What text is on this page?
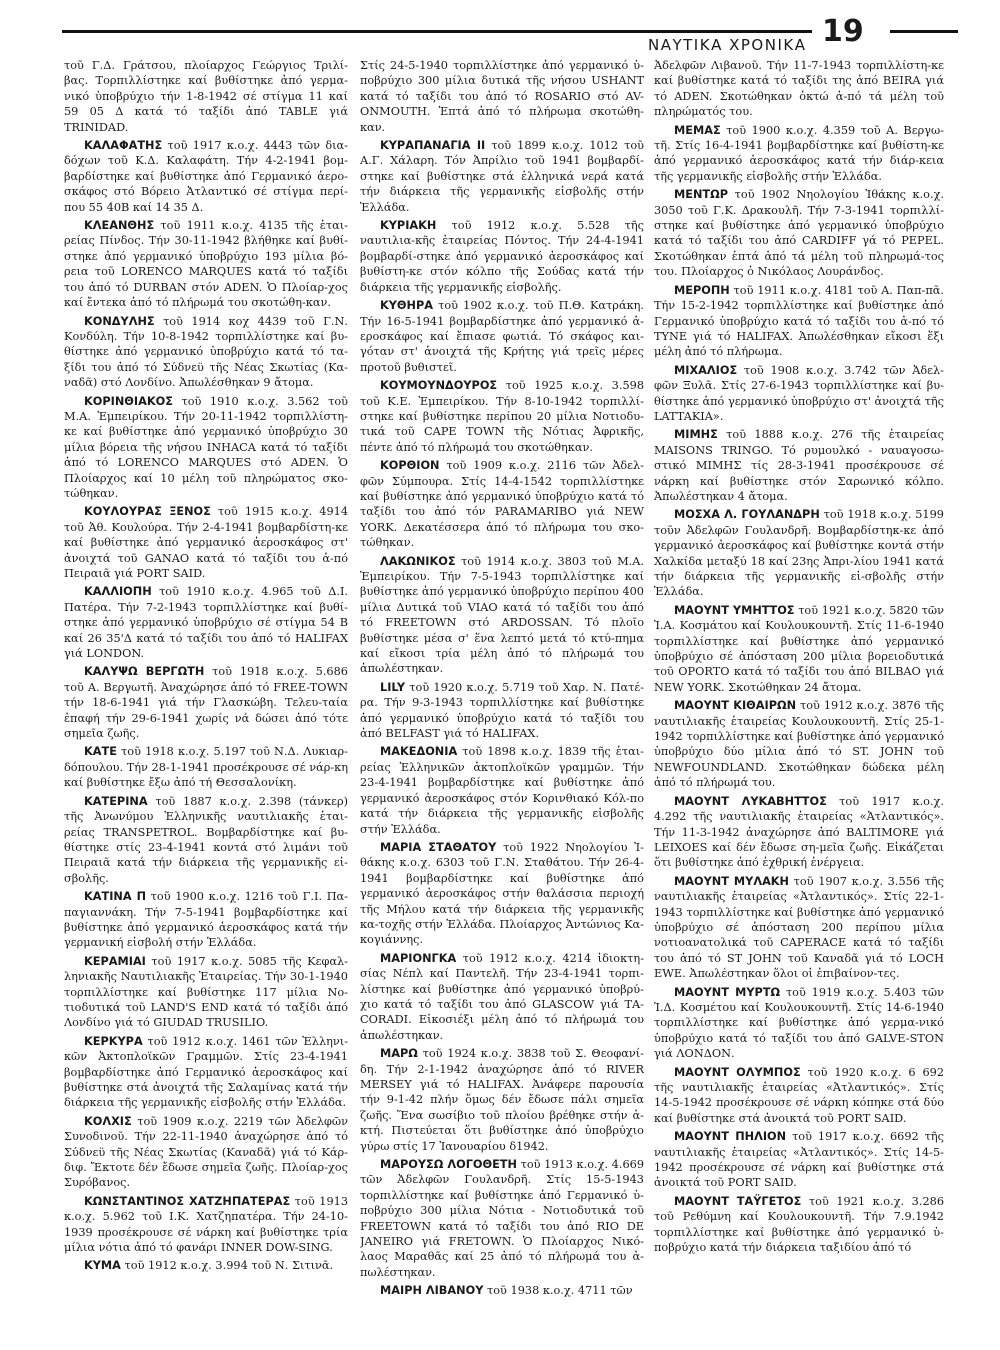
ΝΑΥΤΙΚΑ ΧΡΟΝΙΚΑ 19

τοῦ Γ.Δ. Γράτσου, πλοίαρχος Γεώργιος Τριλί-βας. Τορπιλλίστηκε καί βυθίστηκε ἀπό γερμα-νικό ὑποβρύχιο τήν 1-8-1942 σέ στίγμα 11 καί 59 05 Δ κατά τό ταξίδι ἀπό TABLE γιά TRINIDAD.

ΚΑΛΑΦΑΤΗΣ τοῦ 1917 κ.ο.χ. 4443 τῶν δια-δόχων τοῦ Κ.Δ. Καλαφάτη. Τήν 4-2-1941 βομ-βαρδίστηκε καί βυθίστηκε ἀπό Γερμανικό ἀερο-σκάφος στό Βόρειο Ἀτλαντικό σέ στίγμα περί-που 55 40Β καί 14 35 Δ.

ΚΛΕΑΝΘΗΣ τοῦ 1911 κ.ο.χ. 4135 τῆς ἑται-ρείας Πίνδος. Τήν 30-11-1942 βλήθηκε καί βυθί-στηκε ἀπό γερμανικό ὑποβρύχιο 193 μίλια βό-ρεια τοῦ LORENCO MARQUES κατά τό ταξίδι του ἀπό τό DURBAN στόν ADEN. Ὁ Πλοίαρ-χος καί ἔντεκα ἀπό τό πλήρωμά του σκοτώθη-καν.

ΚΟΝΔΥΛΗΣ τοῦ 1914 κοχ 4439 τοῦ Γ.Ν. Κονδύλη. Τήν 10-8-1942 τορπιλλίστηκε καί βυ-θίστηκε ἀπό γερμανικό ὑποβρύχιο κατά τό τα-ξίδι του ἀπό τό Σύδνεϋ τῆς Νέας Σκωτίας (Κα-ναδᾶ) στό Λονδίνο. Ἀπωλέσθηκαν 9 ἄτομα.

ΚΟΡΙΝΘΙΑΚΟΣ τοῦ 1910 κ.ο.χ. 3.562 τοῦ Μ.Α. Ἐμπειρίκου. Τήν 20-11-1942 τορπιλλίστη-κε καί βυθίστηκε ἀπό γερμανικό ὑποβρύχιο 30 μίλια βόρεια τῆς νήσου INHACA κατά τό ταξίδι ἀπό τό LORENCO MARQUES στό ADEN. Ὁ Πλοίαρχος καί 10 μέλη τοῦ πληρώματος σκο-τώθηκαν.

ΚΟΥΛΟΥΡΑΣ ΞΕΝΟΣ τοῦ 1915 κ.ο.χ. 4914 τοῦ Ἀθ. Κουλούρα. Τήν 2-4-1941 βομβαρδίστη-κε καί βυθίστηκε ἀπό γερμανικό ἀεροσκάφος στ' ἀνοιχτά τοῦ GANAO κατά τό ταξίδι του ἀ-πό Πειραιᾶ γιά PORT SAID.

ΚΑΛΛΙΟΠΗ τοῦ 1910 κ.ο.χ. 4.965 τοῦ Δ.Ι. Πατέρα. Τήν 7-2-1943 τορπιλλίστηκε καί βυθί-στηκε ἀπό γερμανικό ὑποβρύχιο σέ στίγμα 54 Β καί 26 35'Δ κατά τό ταξίδι του ἀπό τό HALIFAX γιά LONDON.

ΚΑΛΥΨΩ ΒΕΡΓΩΤΗ τοῦ 1918 κ.ο.χ. 5.686 τοῦ Α. Βεργωτῆ. Ἀναχώρησε ἀπό τό FREE-TOWN τήν 18-6-1941 γιά τήν Γλασκώβη. Τελευ-ταία ἐπαφή τήν 29-6-1941 χωρίς νά δώσει ἀπό τότε σημεῖα ζωῆς.

ΚΑΤΕ τοῦ 1918 κ.ο.χ. 5.197 τοῦ Ν.Δ. Λυκιαρ-δόπουλου. Τήν 28-1-1941 προσέκρουσε σέ νάρ-κη καί βυθίστηκε ἔξω ἀπό τή Θεσσαλονίκη.

ΚΑΤΕΡΙΝΑ τοῦ 1887 κ.ο.χ. 2.398 (τάνκερ) τῆς Ἀνωνύμου Ἑλληνικῆς ναυτιλιακῆς ἑται-ρείας TRANSPETROL. Βομβαρδίστηκε καί βυ-θίστηκε στίς 23-4-1941 κοντά στό λιμάνι τοῦ Πειραιᾶ κατά τήν διάρκεια τῆς γερμανικῆς εἰ-σβολῆς.

ΚΑΤΙΝΑ Π τοῦ 1900 κ.ο.χ. 1216 τοῦ Γ.Ι. Πα-παγιαννάκη. Τήν 7-5-1941 βομβαρδίστηκε καί βυθίστηκε ἀπό γερμανικό ἀεροσκάφος κατά τήν γερμανική εἰσβολή στήν Ἑλλάδα.

ΚΕΡΑΜΙΑΙ τοῦ 1917 κ.ο.χ. 5085 τῆς Κεφαλ-ληνιακῆς Ναυτιλιακῆς Ἑταιρείας. Τήν 30-1-1940 τορπιλλίστηκε καί βυθίστηκε 117 μίλια Νο-τιοδυτικά τοῦ LAND'S END κατά τό ταξίδι ἀπό Λονδίνο γιά τό GIUDAD TRUSILIO.

ΚΕΡΚΥΡΑ τοῦ 1912 κ.ο.χ. 1461 τῶν Ἑλληνι-κῶν Ἀκτοπλοϊκῶν Γραμμῶν. Στίς 23-4-1941 βομβαρδίστηκε ἀπό Γερμανικό ἀεροσκάφος καί βυθίστηκε στά ἀνοιχτά τῆς Σαλαμίνας κατά τήν διάρκεια τῆς γερμανικῆς εἰσβολῆς στήν Ἑλλάδα.

ΚΟΛΧΙΣ τοῦ 1909 κ.ο.χ. 2219 τῶν Ἀδελφῶν Συνοδινοῦ. Τήν 22-11-1940 ἀναχώρησε ἀπό τό Σύδνεϋ τῆς Νέας Σκωτίας (Καναδᾶ) γιά τό Κάρ-διφ. Ἔκτοτε δέν ἔδωσε σημεῖα ζωῆς. Πλοίαρ-χος Συρόβανος.

ΚΩΝΣΤΑΝΤΙΝΟΣ ΧΑΤΖΗΠΑΤΕΡΑΣ τοῦ 1913 κ.ο.χ. 5.962 τοῦ Ι.Κ. Χατζηπατέρα. Τήν 24-10-1939 προσέκρουσε σέ νάρκη καί βυθίστηκε τρία μίλια νότια ἀπό τό φανάρι INNER DOW-SING.

ΚΥΜΑ τοῦ 1912 κ.ο.χ. 3.994 τοῦ Ν. Σιτινᾶ.

Στίς 24-5-1940 τορπιλλίστηκε ἀπό γερμανικό ὑ-ποβρύχιο 300 μίλια δυτικά τῆς νήσου USHANT κατά τό ταξίδι του ἀπό τό ROSARIO στό AV-ONMOUTH. Ἑπτά ἀπό τό πλήρωμα σκοτώθη-καν.

ΚΥΡΑΠΑΝΑΓΙΑ ΙΙ τοῦ 1899 κ.ο.χ. 1012 τοῦ Α.Γ. Χάλαρη. Τόν Ἀπρίλιο τοῦ 1941 βομβαρδί-στηκε καί βυθίστηκε στά ἑλληνικά νερά κατά τήν διάρκεια τῆς γερμανικῆς εἰσβολῆς στήν Ἑλλάδα.

ΚΥΡΙΑΚΗ τοῦ 1912 κ.ο.χ. 5.528 τῆς ναυτιλια-κῆς ἑταιρείας Πόντος. Τήν 24-4-1941 βομβαρδί-στηκε ἀπό γερμανικό ἀεροσκάφος καί βυθίστη-κε στόν κόλπο τῆς Σούδας κατά τήν διάρκεια τῆς γερμανικῆς εἰσβολῆς.

ΚΥΘΗΡΑ τοῦ 1902 κ.ο.χ. τοῦ Π.Θ. Κατράκη. Τήν 16-5-1941 βομβαρδίστηκε ἀπό γερμανικό ἀ-εροσκάφος καί ἔπιασε φωτιά. Τό σκάφος και-γόταν στ' ἀνοιχτά τῆς Κρήτης γιά τρεῖς μέρες προτοῦ βυθιστεῖ.

ΚΟΥΜΟΥΝΔΟΥΡΟΣ τοῦ 1925 κ.ο.χ. 3.598 τοῦ Κ.Ε. Ἐμπειρίκου. Τήν 8-10-1942 τορπιλλί-στηκε καί βυθίστηκε περίπου 20 μίλια Νοτιοδυ-τικά τοῦ CAPE TOWN τῆς Νότιας Ἀφρικῆς, πέντε ἀπό τό πλήρωμά του σκοτώθηκαν.

ΚΟΡΘΙΟΝ τοῦ 1909 κ.ο.χ. 2116 τῶν Ἀδελ-φῶν Σύμπουρα. Στίς 14-4-1542 τορπιλλίστηκε καί βυθίστηκε ἀπό γερμανικό ὑποβρύχιο κατά τό ταξίδι του ἀπό τόν PARAMARIBO γιά NEW YORK. Δεκατέσσερα ἀπό τό πλήρωμα του σκο-τώθηκαν.

ΛΑΚΩΝΙΚΟΣ τοῦ 1914 κ.ο.χ. 3803 τοῦ Μ.Α. Ἐμπειρίκου. Τήν 7-5-1943 τορπιλλίστηκε καί βυθίστηκε ἀπό γερμανικό ὑποβρύχιο περίπου 400 μίλια Δυτικά τοῦ VIAO κατά τό ταξίδι του ἀπό τό FREETOWN στό ARDOSSAN. Τό πλοῖο βυθίστηκε μέσα σ' ἕνα λεπτό μετά τό κτύ-πημα καί εἴκοσι τρία μέλη ἀπό τό πλήρωμά του ἀπωλέστηκαν.

LILY τοῦ 1920 κ.ο.χ. 5.719 τοῦ Χαρ. Ν. Πατέ-ρα. Τήν 9-3-1943 τορπιλλίστηκε καί βυθίστηκε ἀπό γερμανικό ὑποβρύχιο κατά τό ταξίδι του ἀπό BELFAST γιά τό HALIFAX.

ΜΑΚΕΔΟΝΙΑ τοῦ 1898 κ.ο.χ. 1839 τῆς ἑται-ρείας Ἑλληνικῶν ἀκτοπλοϊκῶν γραμμῶν. Τήν 23-4-1941 βομβαρδίστηκε καί βυθίστηκε ἀπό γερμανικό ἀεροσκάφος στόν Κορινθιακό Κόλ-πο κατά τήν διάρκεια τῆς γερμανικῆς εἰσβολῆς στήν Ἑλλάδα.

ΜΑΡΙΑ ΣΤΑΘΑΤΟΥ τοῦ 1922 Νηολογίου Ἰ-θάκης κ.ο.χ. 6303 τοῦ Γ.Ν. Σταθάτου. Τήν 26-4-1941 βομβαρδίστηκε καί βυθίστηκε ἀπό γερμανικό ἀεροσκάφος στήν θαλάσσια περιοχή τῆς Μήλου κατά τήν διάρκεια τῆς γερμανικῆς κα-τοχῆς στήν Ἑλλάδα. Πλοίαρχος Ἀντώνιος Κα-κογιάννης.

ΜΑΡΙΟΝΓΚΑ τοῦ 1912 κ.ο.χ. 4214 ἰδιοκτη-σίας Νέπλ καί Παντελῆ. Τήν 23-4-1941 τορπι-λίστηκε καί βυθίστηκε ἀπό γερμανικό ὑποβρύ-χιο κατά τό ταξίδι του ἀπό GLASCOW γιά ΤΑ-CORADI. Εἰκοσιέξι μέλη ἀπό τό πλήρωμά του ἀπωλέστηκαν.

ΜΑΡΩ τοῦ 1924 κ.ο.χ. 3838 τοῦ Σ. Θεοφανί-δη. Τήν 2-1-1942 ἀναχώρησε ἀπό τό RIVER MERSEY γιά τό HALIFAX. Ἀνάφερε παρουσία τήν 9-1-42 πλήν ὅμως δέν ἔδωσε πάλι σημεῖα ζωῆς. Ἕνα σωσίβιο τοῦ πλοίου βρέθηκε στήν ἀ-κτή. Πιστεύεται ὅτι βυθίστηκε ἀπό ὑποβρύχιο γύρω στίς 17 Ἰανουαρίου δ1942.

ΜΑΡΟΥΣΩ ΛΟΓΟΘΕΤΗ τοῦ 1913 κ.ο.χ. 4.669 τῶν Ἀδελφῶν Γουλανδρῆ. Στίς 15-5-1943 τορπιλλίστηκε καί βυθίστηκε ἀπό Γερμανικό ὑ-ποβρύχιο 300 μίλια Νότια - Νοτιοδυτικά τοῦ FREETOWN κατά τό ταξίδι του ἀπό RIO DE JANEIRO γιά FRETOWN. Ὁ Πλοίαρχος Νικό-λαος Μαραθᾶς καί 25 ἀπό τό πλήρωμά του ἀ-πωλέστηκαν.

ΜΑΙΡΗ ΛΙΒΑΝΟΥ τοῦ 1938 κ.ο.χ. 4711 τῶν

Ἀδελφῶν Λιβανοῦ. Τήν 11-7-1943 τορπιλλίστη-κε καί βυθίστηκε κατά τό ταξίδι της ἀπό BEIRA γιά τό ADEN. Σκοτώθηκαν ὀκτώ ἀ-πό τά μέλη τοῦ πληρώματός του.

ΜΕΜΑΣ τοῦ 1900 κ.ο.χ. 4.359 τοῦ Α. Βεργω-τῆ. Στίς 16-4-1941 βομβαρδίστηκε καί βυθίστη-κε ἀπό γερμανικό ἀεροσκάφος κατά τήν διάρ-κεια τῆς γερμανικῆς εἰσβολῆς στήν Ἑλλάδα.

ΜΕΝΤΩΡ τοῦ 1902 Νηολογίου Ἰθάκης κ.ο.χ. 3050 τοῦ Γ.Κ. Δρακουλῆ. Τήν 7-3-1941 τορπιλλί-στηκε καί βυθίστηκε ἀπό γερμανικό ὑποβρύχιο κατά τό ταξίδι του ἀπό CARDIFF γά τό PEPEL. Σκοτώθηκαν ἑπτά ἀπό τά μέλη τοῦ πληρωμά-τος του. Πλοίαρχος ὁ Νικόλαος Λουράνδος.

ΜΕΡΟΠΗ τοῦ 1911 κ.ο.χ. 4181 τοῦ Α. Παπ-πᾶ. Τήν 15-2-1942 τορπιλλίστηκε καί βυθίστηκε ἀπό Γερμανικό ὑποβρύχιο κατά τό ταξίδι του ἀ-πό τό TYNE γιά τό HALIFAX. Ἀπωλέσθηκαν εἴκοσι ἕξι μέλη ἀπό τό πλήρωμα.

ΜΙΧΑΛΙΟΣ τοῦ 1908 κ.ο.χ. 3.742 τῶν Ἀδελ-φῶν Ξυλᾶ. Στίς 27-6-1943 τορπιλλίστηκε καί βυ-θίστηκε ἀπό γερμανικό ὑποβρύχιο στ' ἀνοιχτά τῆς LATTAKIA».

ΜΙΜΗΣ τοῦ 1888 κ.ο.χ. 276 τῆς ἑταιρείας MAISONS TRINGO. Τό ρυμουλκό - ναυαγοσω-στικό ΜΙΜΗΣ τίς 28-3-1941 προσέκρουσε σέ νάρκη καί βυθίστηκε στόν Σαρωνικό κόλπο. Ἀπωλέστηκαν 4 ἄτομα.

ΜΟΣΧΑ Λ. ΓΟΥΛΑΝΔΡΗ τοῦ 1918 κ.ο.χ. 5199 τοῦν Ἀδελφῶν Γουλανδρῆ. Βομβαρδίστηκ-κε ἀπό γερμανικό ἀεροσκάφος καί βυθίστηκε κοντά στήν Χαλκίδα μεταξύ 18 καί 23ης Ἀπρι-λίου 1941 κατά τήν διάρκεια τῆς γερμανικῆς εἰ-σβολῆς στήν Ἑλλάδα.

ΜΑΟΥΝΤ ΥΜΗΤΤΟΣ τοῦ 1921 κ.ο.χ. 5820 τῶν Ἰ.Α. Κοσμάτου καί Κουλουκουντῆ. Στίς 11-6-1940 τορπιλλίστηκε καί βυθίστηκε ἀπό γερμανικό ὑποβρύχιο σέ ἀπόσταση 200 μίλια βορειοδυτικά τοῦ OPORTO κατά τό ταξίδι του ἀπό BILBAO γιά NEW YORK. Σκοτώθηκαν 24 ἄτομα.

ΜΑΟΥΝΤ ΚΙΘΑΙΡΩΝ τοῦ 1912 κ.ο.χ. 3876 τῆς ναυτιλιακῆς ἑταιρείας Κουλουκουντῆ. Στίς 25-1-1942 τορπιλλίστηκε καί βυθίστηκε ἀπό γερμανικό ὑποβρύχιο δύο μίλια ἀπό τό ST. JOHN τοῦ NEWFOUNDLAND. Σκοτώθηκαν δώδεκα μέλη ἀπό τό πλήρωμά του.

ΜΑΟΥΝΤ ΛΥΚΑΒΗΤΤΟΣ τοῦ 1917 κ.ο.χ. 4.292 τῆς ναυτιλιακῆς ἑταιρείας «Ἀτλαντικός». Τήν 11-3-1942 ἀναχώρησε ἀπό BALTIMORE γιά LEIXOES καί δέν ἔδωσε ση-μεῖα ζωῆς. Εἰκάζεται ὅτι βυθίστηκε ἀπό ἐχθρική ἐνέργεια.

ΜΑΟΥΝΤ ΜΥΛΑΚΗ τοῦ 1907 κ.ο.χ. 3.556 τῆς ναυτιλιακῆς ἑταιρείας «Ἀτλαντικός». Στίς 22-1-1943 τορπιλλίστηκε καί βυθίστηκε ἀπό γερμανικό ὑποβρύχιο σέ ἀπόσταση 200 περίπου μίλια νοτιοανατολικά τοῦ CAPERACE κατά τό ταξίδι του ἀπό τό ST JOHN τοῦ Καναδᾶ γιά τό LOCH EWE. Ἀπωλέστηκαν ὅλοι οἱ ἐπιβαίνον-τες.

ΜΑΟΥΝΤ ΜΥΡΤΩ τοῦ 1919 κ.ο.χ. 5.403 τῶν Ἰ.Δ. Κοσμέτου καί Κουλουκουντῆ. Στίς 14-6-1940 τορπιλλίστηκε καί βυθίστηκε ἀπό γερμα-νικό ὑποβρύχιο κατά τό ταξίδι του ἀπό GALVE-STON γιά ΛΟΝΔΟΝ.

ΜΑΟΥΝΤ ΟΛΥΜΠΟΣ τοῦ 1920 κ.ο.χ. 6 692 τῆς ναυτιλιακῆς ἑταιρείας «Ἀτλαντικός». Στίς 14-5-1942 προσέκρουσε σέ νάρκη κόπηκε στά δύο καί βυθίστηκε στά ἀνοικτά τοῦ PORT SAID.

ΜΑΟΥΝΤ ΠΗΛΙΟΝ τοῦ 1917 κ.ο.χ. 6692 τῆς ναυτιλιακῆς ἑταιρείας «Ἀτλαντικός». Στίς 14-5-1942 προσέκρουσε σέ νάρκη καί βυθίστηκε στά ἀνοικτά τοῦ PORT SAID.

ΜΑΟΥΝΤ ΤΑΫΓΕΤΟΣ τοῦ 1921 κ.ο.χ. 3.286 τοῦ Ρεθύμνη καί Κουλουκουντῆ. Τήν 7.9.1942 τορπιλλίστηκε καί βυθίστηκε ἀπό γερμανικό ὑ-ποβρύχιο κατά τήν διάρκεια ταξιδίου ἀπό τό
